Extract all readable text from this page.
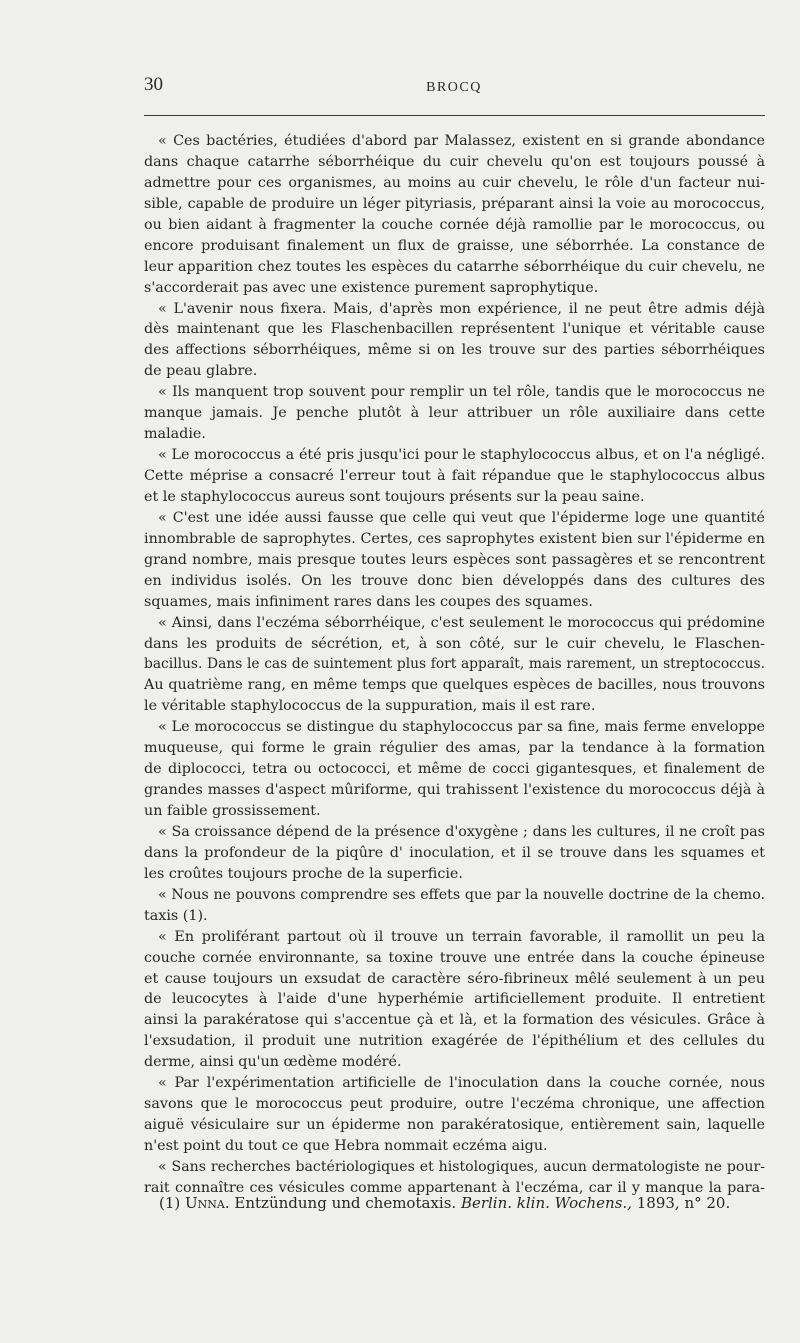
30	BROCQ
« Ces bactéries, étudiées d'abord par Malassez, existent en si grande abondance
dans chaque catarrhe séborrhéique du cuir chevelu qu'on est toujours poussé à
admettre pour ces organismes, au moins au cuir chevelu, le rôle d'un facteur nui-
sible, capable de produire un léger pityriasis, préparant ainsi la voie au morococcus,
ou bien aidant à fragmenter la couche cornée déjà ramollie par le morococcus, ou
encore produisant finalement un flux de graisse, une séborrhée. La constance de
leur apparition chez toutes les espèces du catarrhe séborrhéique du cuir chevelu, ne
s'accorderait pas avec une existence purement saprophytique.
« L'avenir nous fixera. Mais, d'après mon expérience, il ne peut être admis déjà
dès maintenant que les Flaschenbacillen représentent l'unique et véritable cause
des affections séborrhéiques, même si on les trouve sur des parties séborrhéiques
de peau glabre.
« Ils manquent trop souvent pour remplir un tel rôle, tandis que le morococcus ne
manque jamais. Je penche plutôt à leur attribuer un rôle auxiliaire dans cette
maladie.
« Le morococcus a été pris jusqu'ici pour le staphylococcus albus, et on l'a négligé.
Cette méprise a consacré l'erreur tout à fait répandue que le staphylococcus albus
et le staphylococcus aureus sont toujours présents sur la peau saine.
« C'est une idée aussi fausse que celle qui veut que l'épiderme loge une quantité
innombrable de saprophytes. Certes, ces saprophytes existent bien sur l'épiderme en
grand nombre, mais presque toutes leurs espèces sont passagères et se rencontrent
en individus isolés. On les trouve donc bien développés dans des cultures des
squames, mais infiniment rares dans les coupes des squames.
« Ainsi, dans l'eczéma séborrhéique, c'est seulement le morococcus qui prédomine
dans les produits de sécrétion, et, à son côté, sur le cuir chevelu, le Flaschen-
bacillus. Dans le cas de suintement plus fort apparaît, mais rarement, un streptococcus.
Au quatrième rang, en même temps que quelques espèces de bacilles, nous trouvons
le véritable staphylococcus de la suppuration, mais il est rare.
« Le morococcus se distingue du staphylococcus par sa fine, mais ferme enveloppe
muqueuse, qui forme le grain régulier des amas, par la tendance à la formation
de diplococci, tetra ou octococci, et même de cocci gigantesques, et finalement de
grandes masses d'aspect mûriforme, qui trahissent l'existence du morococcus déjà à
un faible grossissement.
« Sa croissance dépend de la présence d'oxygène ; dans les cultures, il ne croît pas
dans la profondeur de la piqûre d' inoculation, et il se trouve dans les squames et
les croûtes toujours proche de la superficie.
« Nous ne pouvons comprendre ses effets que par la nouvelle doctrine de la chemo.
taxis (1).
« En proliférant partout où il trouve un terrain favorable, il ramollit un peu la
couche cornée environnante, sa toxine trouve une entrée dans la couche épineuse
et cause toujours un exsudat de caractère séro-fibrineux mêlé seulement à un peu
de leucocytes à l'aide d'une hyperhémie artificiellement produite. Il entretient
ainsi la parakératose qui s'accentue çà et là, et la formation des vésicules. Grâce à
l'exsudation, il produit une nutrition exagérée de l'épithélium et des cellules du
derme, ainsi qu'un œdème modéré.
« Par l'expérimentation artificielle de l'inoculation dans la couche cornée, nous
savons que le morococcus peut produire, outre l'eczéma chronique, une affection
aiguë vésiculaire sur un épiderme non parakératosique, entièrement sain, laquelle
n'est point du tout ce que Hebra nommait eczéma aigu.
« Sans recherches bactériologiques et histologiques, aucun dermatologiste ne pour-
rait connaître ces vésicules comme appartenant à l'eczéma, car il y manque la para-
(1) Unna. Entzündung und chemotaxis. Berlin. klin. Wochens., 1893, n° 20.
